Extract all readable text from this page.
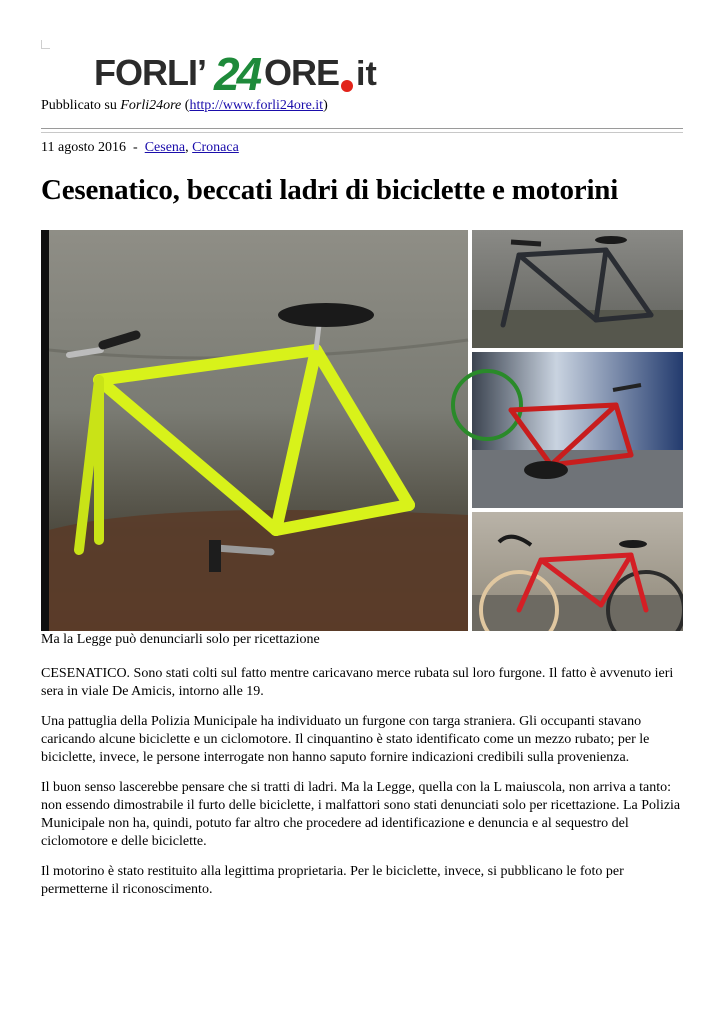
FORLI’ 24 ORE it
Pubblicato su Forli24ore (http://www.forli24ore.it)
11 agosto 2016 - Cesena, Cronaca
Cesenatico, beccati ladri di biciclette e motorini
Ma la Legge può denunciarli solo per ricettazione

CESENATICO. Sono stati colti sul fatto mentre caricavano merce rubata sul loro furgone. Il fatto è avvenuto ieri sera in viale De Amicis, intorno alle 19.

Una pattuglia della Polizia Municipale ha individuato un furgone con targa straniera. Gli occupanti stavano caricando alcune biciclette e un ciclomotore. Il cinquantino è stato identificato come un mezzo rubato; per le biciclette, invece, le persone interrogate non hanno saputo fornire indicazioni credibili sulla provenienza.

Il buon senso lascerebbe pensare che si tratti di ladri. Ma la Legge, quella con la L maiuscola, non arriva a tanto: non essendo dimostrabile il furto delle biciclette, i malfattori sono stati denunciati solo per ricettazione. La Polizia Municipale non ha, quindi, potuto far altro che procedere ad identificazione e denuncia e al sequestro del ciclomotore e delle biciclette.

Il motorino è stato restituito alla legittima proprietaria. Per le biciclette, invece, si pubblicano le foto per permetterne il riconoscimento.
